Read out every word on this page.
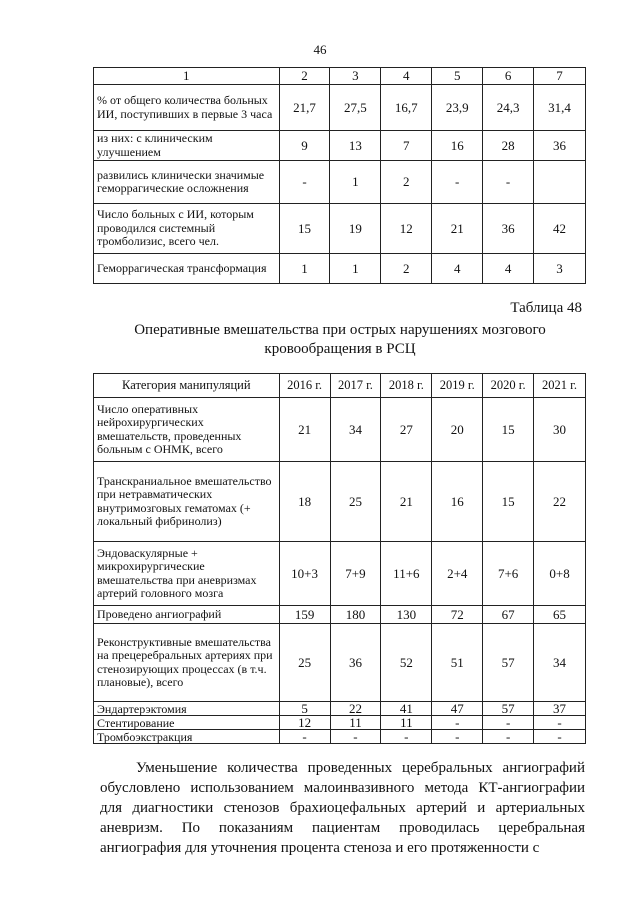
46
1	2	3	4	5	6	7
% от общего количества больных ИИ, поступивших в первые 3 часа	21,7	27,5	16,7	23,9	24,3	31,4
из них: с клиническим улучшением	9	13	7	16	28	36
развились клинически значимые геморрагические осложнения	-	1	2	-	-	
Число больных с ИИ, которым проводился системный тромболизис, всего чел.	15	19	12	21	36	42
Геморрагическая трансформация	1	1	2	4	4	3
Таблица 48
Оперативные вмешательства при острых нарушениях мозгового кровообращения в РСЦ
Категория манипуляций	2016 г.	2017 г.	2018 г.	2019 г.	2020 г.	2021 г.
Число оперативных нейрохирургических вмешательств, проведенных больным с ОНМК, всего	21	34	27	20	15	30
Транскраниальное вмешательство при нетравматических внутримозговых гематомах (+ локальный фибринолиз)	18	25	21	16	15	22
Эндоваскулярные + микрохирургические вмешательства при аневризмах артерий головного мозга	10+3	7+9	11+6	2+4	7+6	0+8
Проведено ангиографий	159	180	130	72	67	65
Реконструктивные вмешательства на прецеребральных артериях при стенозирующих процессах (в т.ч. плановые), всего	25	36	52	51	57	34
Эндартерэктомия	5	22	41	47	57	37
Стентирование	12	11	11	-	-	-
Тромбоэкстракция	-	-	-	-	-	-
Уменьшение количества проведенных церебральных ангиографий обусловлено использованием малоинвазивного метода КТ-ангиографии для диагностики стенозов брахиоцефальных артерий и артериальных аневризм. По показаниям пациентам проводилась церебральная ангиография для уточнения процента стеноза и его протяженности с
